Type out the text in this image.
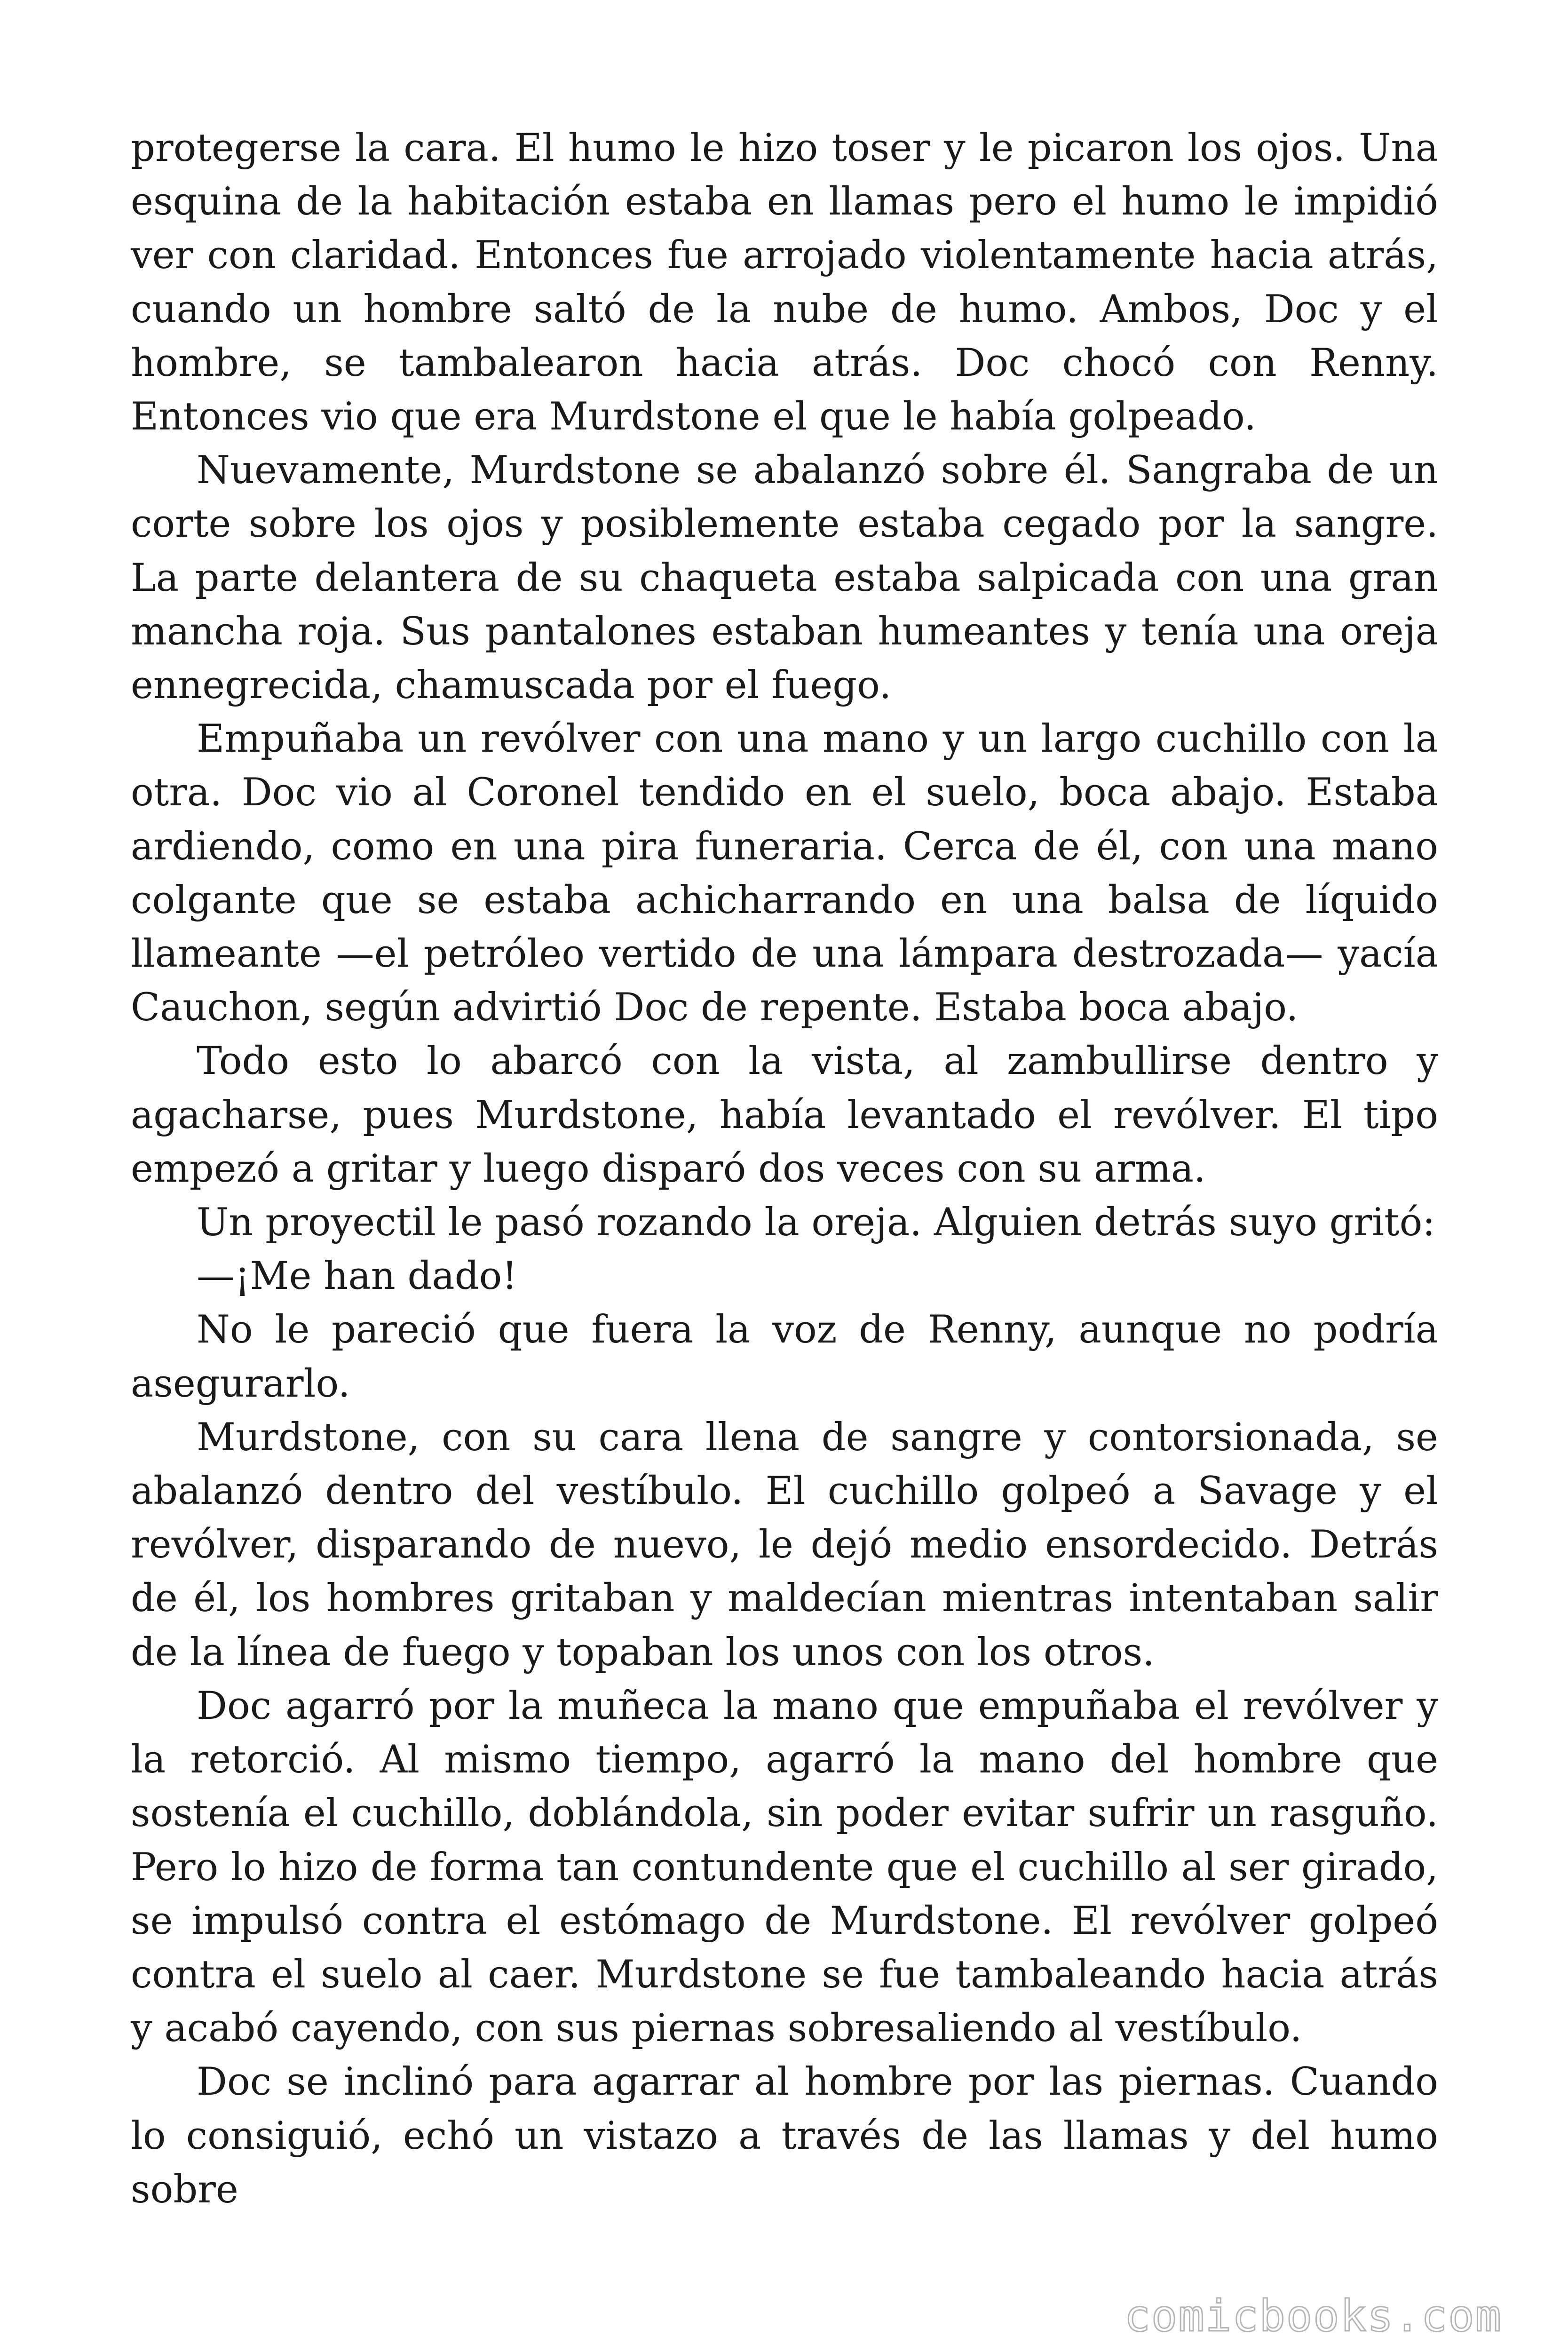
protegerse la cara. El humo le hizo toser y le picaron los ojos. Una esquina de la habitación estaba en llamas pero el humo le impidió ver con claridad. Entonces fue arrojado violentamente hacia atrás, cuando un hombre saltó de la nube de humo. Ambos, Doc y el hombre, se tambalearon hacia atrás. Doc chocó con Renny. Entonces vio que era Murdstone el que le había golpeado.

Nuevamente, Murdstone se abalanzó sobre él. Sangraba de un corte sobre los ojos y posiblemente estaba cegado por la sangre. La parte delantera de su chaqueta estaba salpicada con una gran mancha roja. Sus pantalones estaban humeantes y tenía una oreja ennegrecida, chamuscada por el fuego.

Empuñaba un revólver con una mano y un largo cuchillo con la otra. Doc vio al Coronel tendido en el suelo, boca abajo. Estaba ardiendo, como en una pira funeraria. Cerca de él, con una mano colgante que se estaba achicharrando en una balsa de líquido llameante —el petróleo vertido de una lámpara destrozada— yacía Cauchon, según advirtió Doc de repente. Estaba boca abajo.

Todo esto lo abarcó con la vista, al zambullirse dentro y agacharse, pues Murdstone, había levantado el revólver. El tipo empezó a gritar y luego disparó dos veces con su arma.

Un proyectil le pasó rozando la oreja. Alguien detrás suyo gritó:

—¡Me han dado!

No le pareció que fuera la voz de Renny, aunque no podría asegurarlo.

Murdstone, con su cara llena de sangre y contorsionada, se abalanzó dentro del vestíbulo. El cuchillo golpeó a Savage y el revólver, disparando de nuevo, le dejó medio ensordecido. Detrás de él, los hombres gritaban y maldecían mientras intentaban salir de la línea de fuego y topaban los unos con los otros.

Doc agarró por la muñeca la mano que empuñaba el revólver y la retorció. Al mismo tiempo, agarró la mano del hombre que sostenía el cuchillo, doblándola, sin poder evitar sufrir un rasguño. Pero lo hizo de forma tan contundente que el cuchillo al ser girado, se impulsó contra el estómago de Murdstone. El revólver golpeó contra el suelo al caer. Murdstone se fue tambaleando hacia atrás y acabó cayendo, con sus piernas sobresaliendo al vestíbulo.

Doc se inclinó para agarrar al hombre por las piernas. Cuando lo consiguió, echó un vistazo a través de las llamas y del humo sobre

comicbooks.com
